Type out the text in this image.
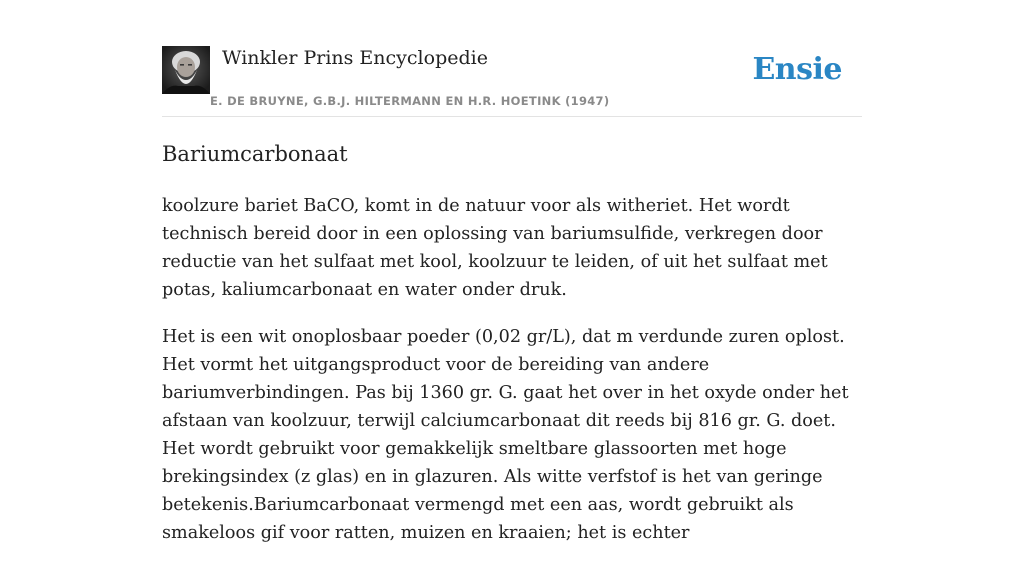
Winkler Prins Encyclopedie
E. DE BRUYNE, G.B.J. HILTERMANN EN H.R. HOETINK (1947)
Ensie
Bariumcarbonaat

koolzure bariet BaCO, komt in de natuur voor als witheriet. Het wordt technisch bereid door in een oplossing van bariumsulfide, verkregen door reductie van het sulfaat met kool, koolzuur te leiden, of uit het sulfaat met potas, kaliumcarbonaat en water onder druk.

Het is een wit onoplosbaar poeder (0,02 gr/L), dat m verdunde zuren oplost. Het vormt het uitgangsproduct voor de bereiding van andere bariumverbindingen. Pas bij 1360 gr. G. gaat het over in het oxyde onder het afstaan van koolzuur, terwijl calciumcarbonaat dit reeds bij 816 gr. G. doet. Het wordt gebruikt voor gemakkelijk smeltbare glassoorten met hoge brekingsindex (z glas) en in glazuren. Als witte verfstof is het van geringe betekenis.Bariumcarbonaat vermengd met een aas, wordt gebruikt als smakeloos gif voor ratten, muizen en kraaien; het is echter
